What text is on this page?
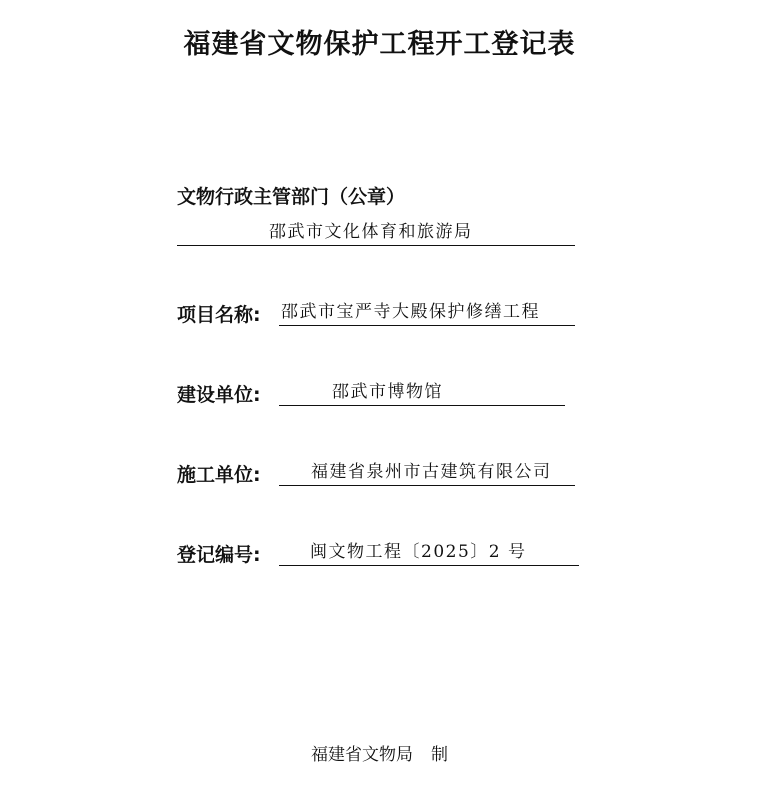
福建省文物保护工程开工登记表
文物行政主管部门（公章）
邵武市文化体育和旅游局
项目名称: 邵武市宝严寺大殿保护修缮工程
建设单位:	邵武市博物馆
施工单位:	福建省泉州市古建筑有限公司
登记编号:	闽文物工程〔2025〕2 号
福建省文物局 制
